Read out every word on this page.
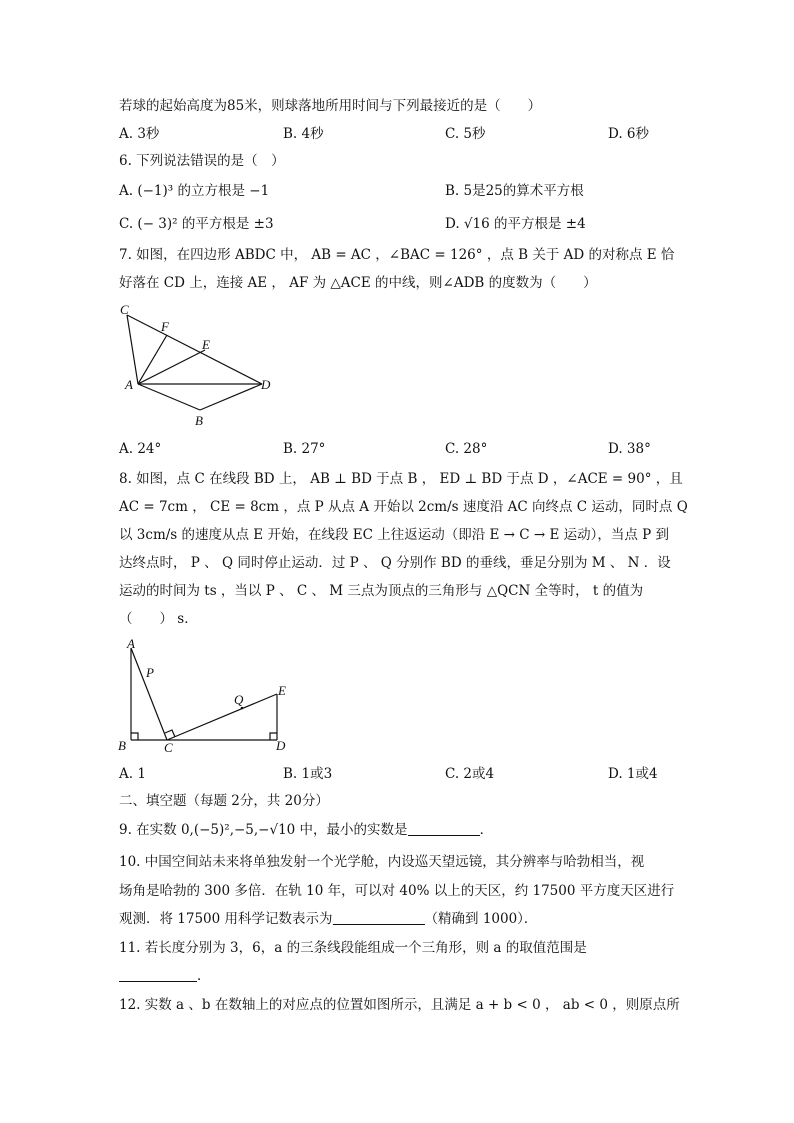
若球的起始高度为85米，则球落地所用时间与下列最接近的是（　　）
A. 3秒	B. 4秒	C. 5秒	D. 6秒
6. 下列说法错误的是（　）
A. (−1)³ 的立方根是 −1	B. 5是25的算术平方根
C. (− 3)² 的平方根是 ±3	D. √16 的平方根是 ±4
7. 如图，在四边形 ABDC 中， AB = AC ，∠BAC = 126° ，点 B 关于 AD 的对称点 E 恰
好落在 CD 上，连接 AE ， AF 为 △ACE 的中线，则∠ADB 的度数为（　　）
C
F
E
A	D
B
A. 24°	B. 27°	C. 28°	D. 38°
8. 如图，点 C 在线段 BD 上， AB ⊥ BD 于点 B ， ED ⊥ BD 于点 D ，∠ACE = 90° ，且
AC = 7cm ， CE = 8cm ，点 P 从点 A 开始以 2cm/s 速度沿 AC 向终点 C 运动，同时点 Q
以 3cm/s 的速度从点 E 开始，在线段 EC 上往返运动（即沿 E → C → E 运动），当点 P 到
达终点时， P 、 Q 同时停止运动．过 P 、 Q 分别作 BD 的垂线，垂足分别为 M 、 N ．设
运动的时间为 ts ，当以 P 、 C 、 M 三点为顶点的三角形与 △QCN 全等时， t 的值为
（　　） s．
A
P
Q
E
B	C	D
A. 1	B. 1或3	C. 2或4	D. 1或4
二、填空题（每题 2分，共 20分）
9. 在实数 0,(−5)²,−5,−√10 中，最小的实数是	．
10. 中国空间站未来将单独发射一个光学舱，内设巡天望远镜，其分辨率与哈勃相当，视
场角是哈勃的 300 多倍．在轨 10 年，可以对 40% 以上的天区，约 17500 平方度天区进行
观测．将 17500 用科学记数表示为	（精确到 1000）．
11. 若长度分别为 3，6，a 的三条线段能组成一个三角形，则 a 的取值范围是
．
12. 实数 a 、b 在数轴上的对应点的位置如图所示，且满足 a + b < 0 ， ab < 0 ，则原点所
